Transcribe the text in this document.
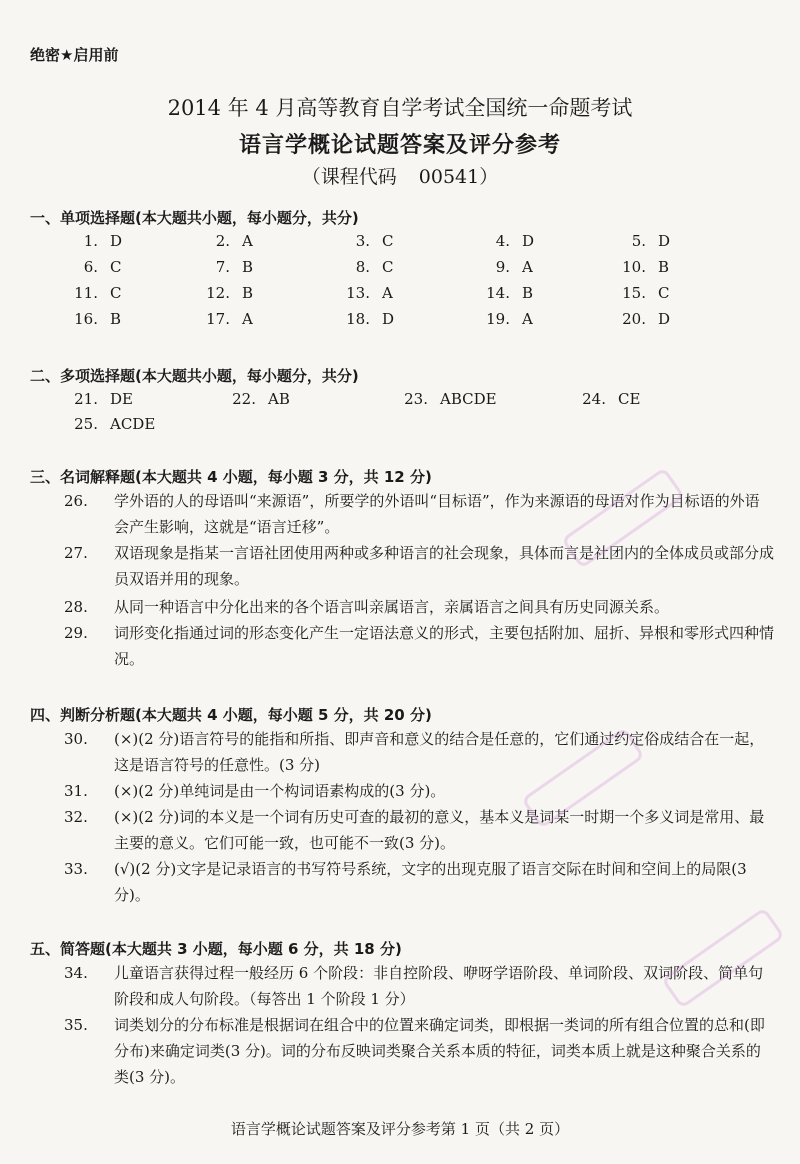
绝密★启用前
2014 年 4 月高等教育自学考试全国统一命题考试
语言学概论试题答案及评分参考
（课程代码 00541）
一、单项选择题(本大题共小题，每小题分，共分)
1. D	2. A	3. C	4. D	5. D
6. C	7. B	8. C	9. A	10. B
11. C	12. B	13. A	14. B	15. C
16. B	17. A	18. D	19. A	20. D
二、多项选择题(本大题共小题，每小题分，共分)
21. DE	22. AB	23. ABCDE	24. CE
25. ACDE
三、名词解释题(本大题共 4 小题，每小题 3 分，共 12 分)
26. 学外语的人的母语叫“来源语”，所要学的外语叫“目标语”，作为来源语的母语对作为目标语的外语会产生影响，这就是“语言迁移”。
27. 双语现象是指某一言语社团使用两种或多种语言的社会现象，具体而言是社团内的全体成员或部分成员双语并用的现象。
28. 从同一种语言中分化出来的各个语言叫亲属语言，亲属语言之间具有历史同源关系。
29. 词形变化指通过词的形态变化产生一定语法意义的形式，主要包括附加、屈折、异根和零形式四种情况。
四、判断分析题(本大题共 4 小题，每小题 5 分，共 20 分)
30. (×)(2 分)语言符号的能指和所指、即声音和意义的结合是任意的，它们通过约定俗成结合在一起，这是语言符号的任意性。(3 分)
31. (×)(2 分)单纯词是由一个构词语素构成的(3 分)。
32. (×)(2 分)词的本义是一个词有历史可查的最初的意义，基本义是词某一时期一个多义词是常用、最主要的意义。它们可能一致，也可能不一致(3 分)。
33. (√)(2 分)文字是记录语言的书写符号系统，文字的出现克服了语言交际在时间和空间上的局限(3 分)。
五、简答题(本大题共 3 小题，每小题 6 分，共 18 分)
34. 儿童语言获得过程一般经历 6 个阶段：非自控阶段、咿呀学语阶段、单词阶段、双词阶段、简单句阶段和成人句阶段。（每答出 1 个阶段 1 分）
35. 词类划分的分布标准是根据词在组合中的位置来确定词类，即根据一类词的所有组合位置的总和(即分布)来确定词类(3 分)。词的分布反映词类聚合关系本质的特征，词类本质上就是这种聚合关系的类(3 分)。
语言学概论试题答案及评分参考第 1 页（共 2 页）
